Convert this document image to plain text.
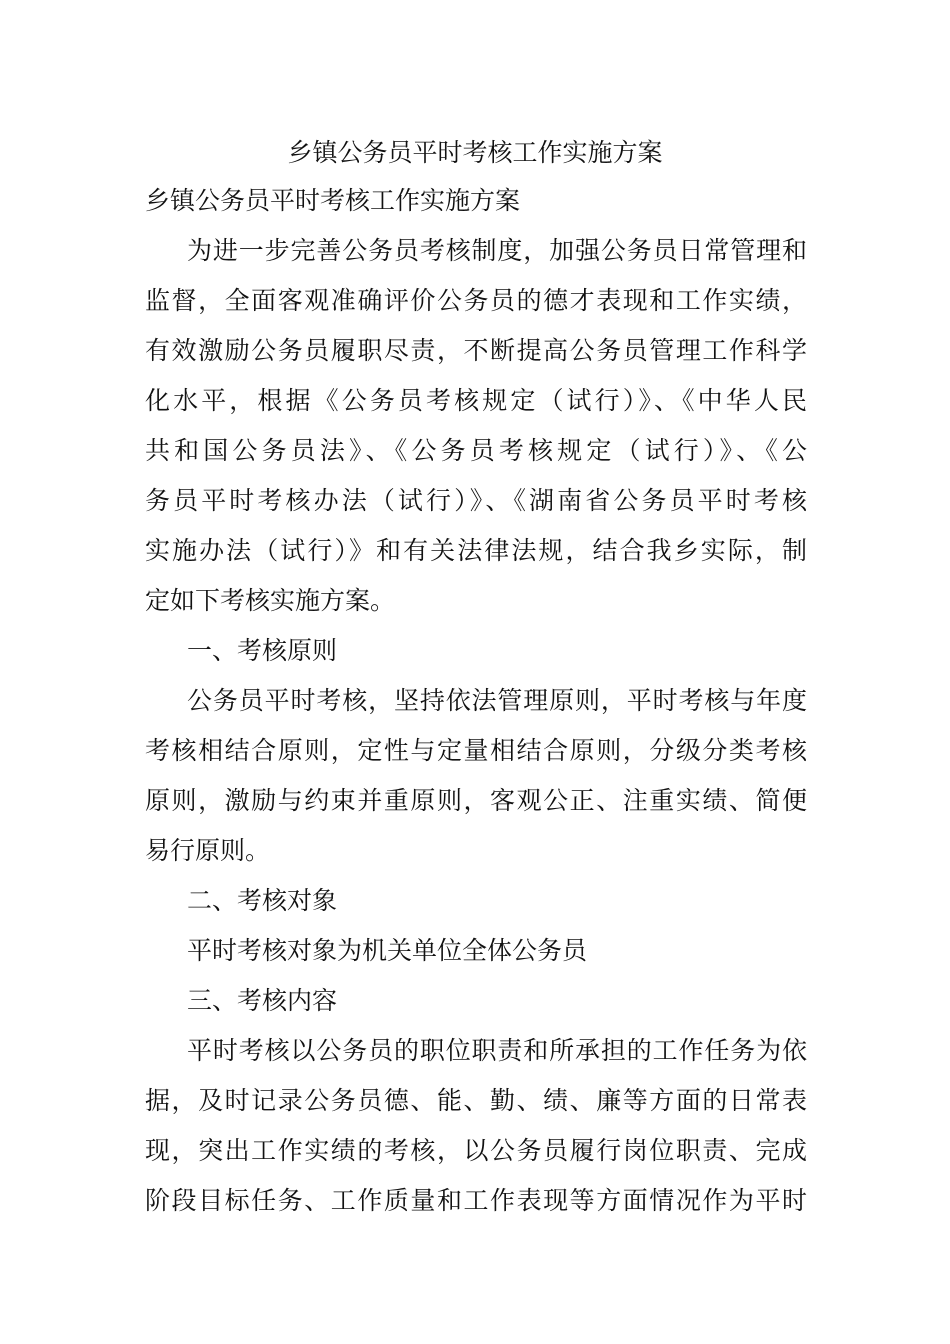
乡镇公务员平时考核工作实施方案

乡镇公务员平时考核工作实施方案

为进一步完善公务员考核制度，加强公务员日常管理和

监督，全面客观准确评价公务员的德才表现和工作实绩，

有效激励公务员履职尽责，不断提高公务员管理工作科学

化水平，根据《公务员考核规定（试行）》、《中华人民

共和国公务员法》、《公务员考核规定（试行）》、《公

务员平时考核办法（试行）》、《湖南省公务员平时考核

实施办法（试行）》和有关法律法规，结合我乡实际，制

定如下考核实施方案。

一、考核原则

公务员平时考核，坚持依法管理原则，平时考核与年度

考核相结合原则，定性与定量相结合原则，分级分类考核

原则，激励与约束并重原则，客观公正、注重实绩、简便

易行原则。

二、考核对象

平时考核对象为机关单位全体公务员

三、考核内容

平时考核以公务员的职位职责和所承担的工作任务为依

据，及时记录公务员德、能、勤、绩、廉等方面的日常表

现，突出工作实绩的考核，以公务员履行岗位职责、完成

阶段目标任务、工作质量和工作表现等方面情况作为平时
